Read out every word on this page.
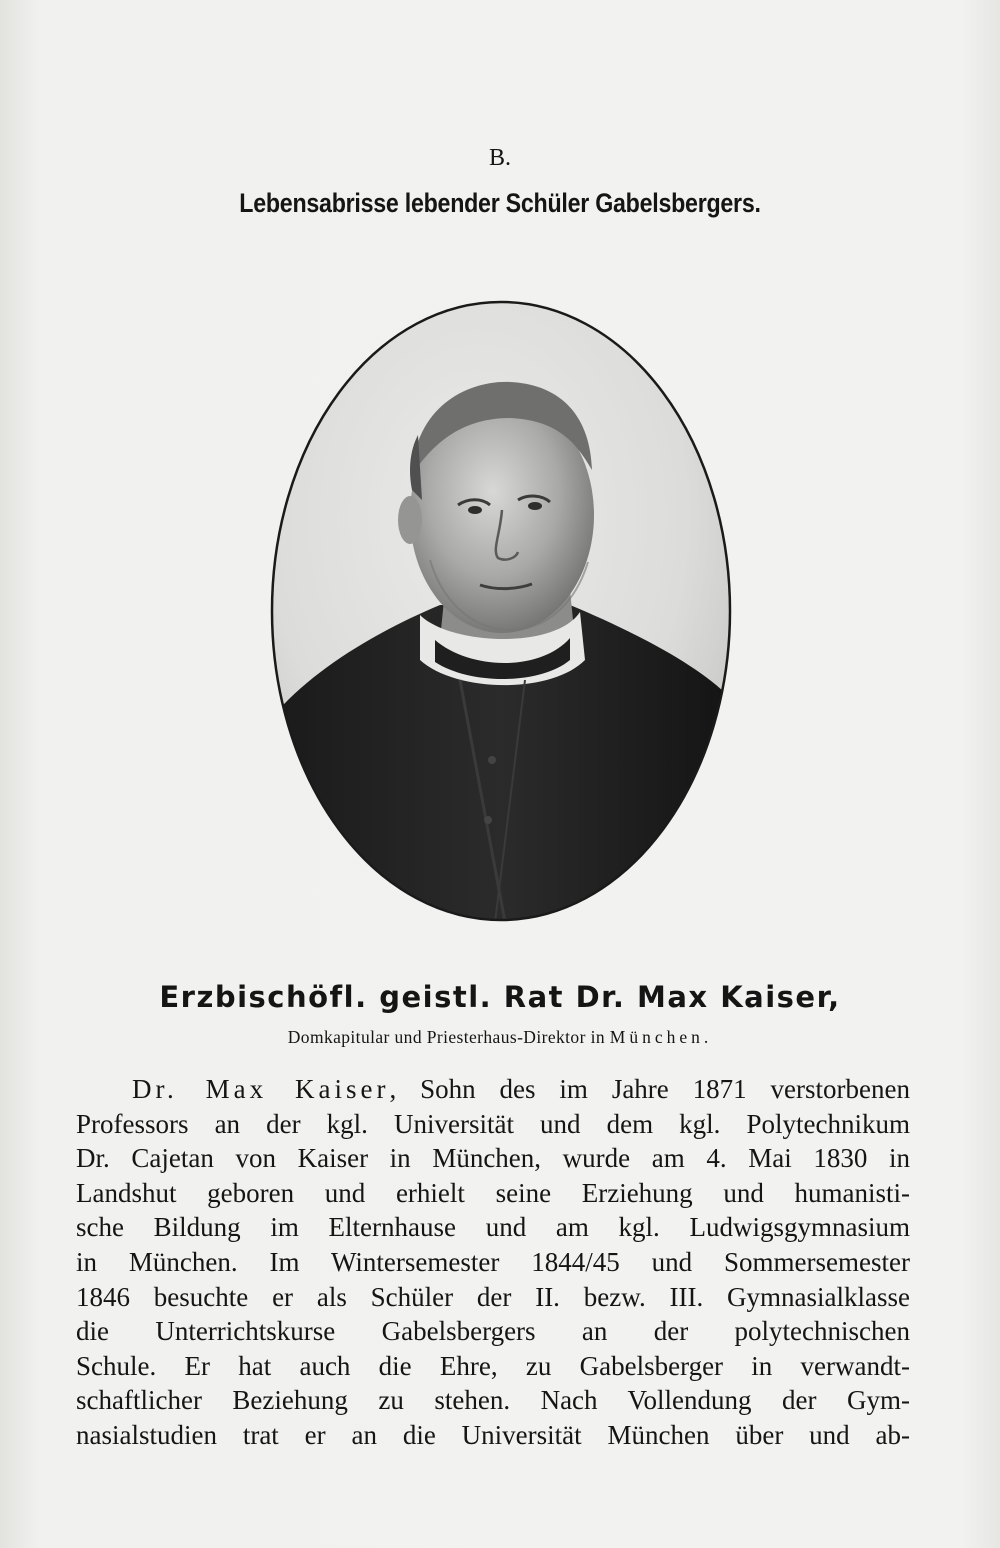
B.
Lebensabrisse lebender Schüler Gabelsbergers.
Erzbischöfl. geistl. Rat Dr. Max Kaiser,
Domkapitular und Priesterhaus-Direktor in München.
Dr. Max Kaiser, Sohn des im Jahre 1871 verstorbenen
Professors an der kgl. Universität und dem kgl. Polytechnikum
Dr. Cajetan von Kaiser in München, wurde am 4. Mai 1830 in
Landshut geboren und erhielt seine Erziehung und humanisti-
sche Bildung im Elternhause und am kgl. Ludwigsgymnasium
in München. Im Wintersemester 1844/45 und Sommersemester
1846 besuchte er als Schüler der II. bezw. III. Gymnasialklasse
die Unterrichtskurse Gabelsbergers an der polytechnischen
Schule. Er hat auch die Ehre, zu Gabelsberger in verwandt-
schaftlicher Beziehung zu stehen. Nach Vollendung der Gym-
nasialstudien trat er an die Universität München über und ab-
